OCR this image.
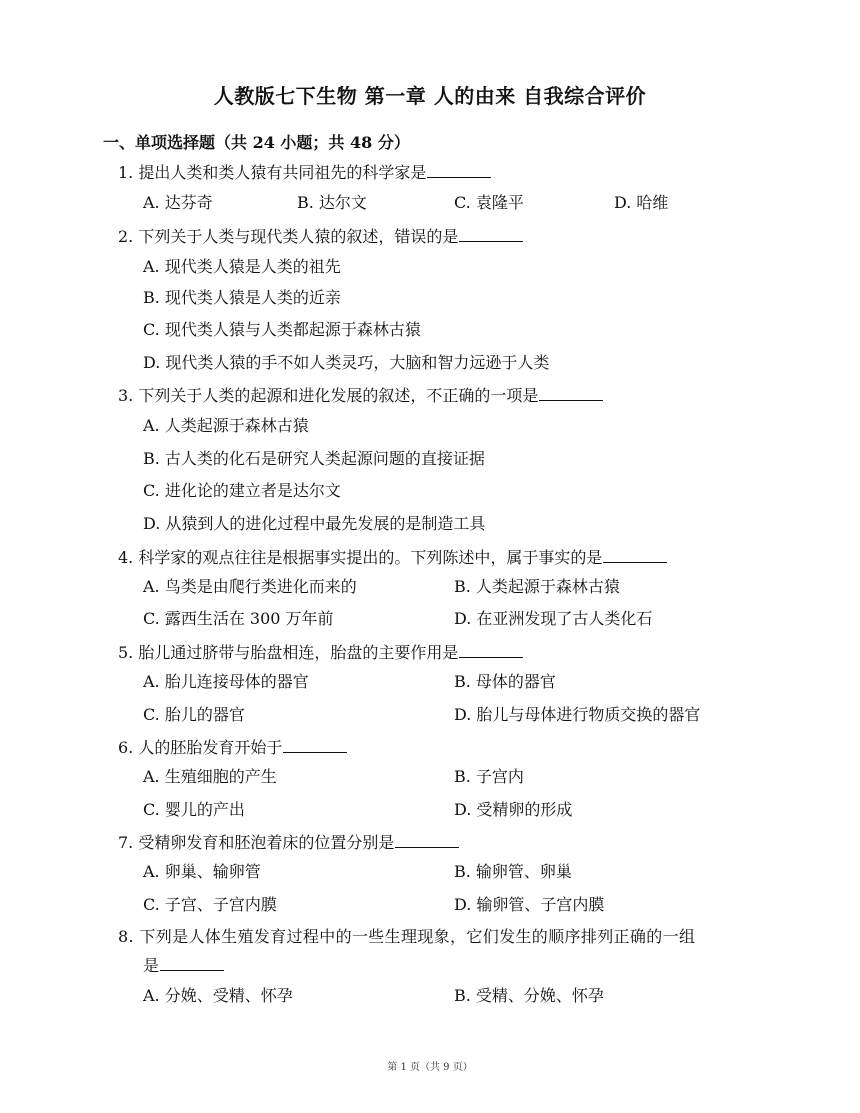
人教版七下生物 第一章 人的由来 自我综合评价
一、单项选择题（共 24 小题；共 48 分）
1. 提出人类和类人猿有共同祖先的科学家是
A. 达芬奇	B. 达尔文	C. 袁隆平	D. 哈维
2. 下列关于人类与现代类人猿的叙述，错误的是
A. 现代类人猿是人类的祖先
B. 现代类人猿是人类的近亲
C. 现代类人猿与人类都起源于森林古猿
D. 现代类人猿的手不如人类灵巧，大脑和智力远逊于人类
3. 下列关于人类的起源和进化发展的叙述，不正确的一项是
A. 人类起源于森林古猿
B. 古人类的化石是研究人类起源问题的直接证据
C. 进化论的建立者是达尔文
D. 从猿到人的进化过程中最先发展的是制造工具
4. 科学家的观点往往是根据事实提出的。下列陈述中，属于事实的是
A. 鸟类是由爬行类进化而来的	B. 人类起源于森林古猿
C. 露西生活在 300 万年前	D. 在亚洲发现了古人类化石
5. 胎儿通过脐带与胎盘相连，胎盘的主要作用是
A. 胎儿连接母体的器官	B. 母体的器官
C. 胎儿的器官	D. 胎儿与母体进行物质交换的器官
6. 人的胚胎发育开始于
A. 生殖细胞的产生	B. 子宫内
C. 婴儿的产出	D. 受精卵的形成
7. 受精卵发育和胚泡着床的位置分别是
A. 卵巢、输卵管	B. 输卵管、卵巢
C. 子宫、子宫内膜	D. 输卵管、子宫内膜
8. 下列是人体生殖发育过程中的一些生理现象，它们发生的顺序排列正确的一组
是
A. 分娩、受精、怀孕	B. 受精、分娩、怀孕
第 1 页（共 9 页）
